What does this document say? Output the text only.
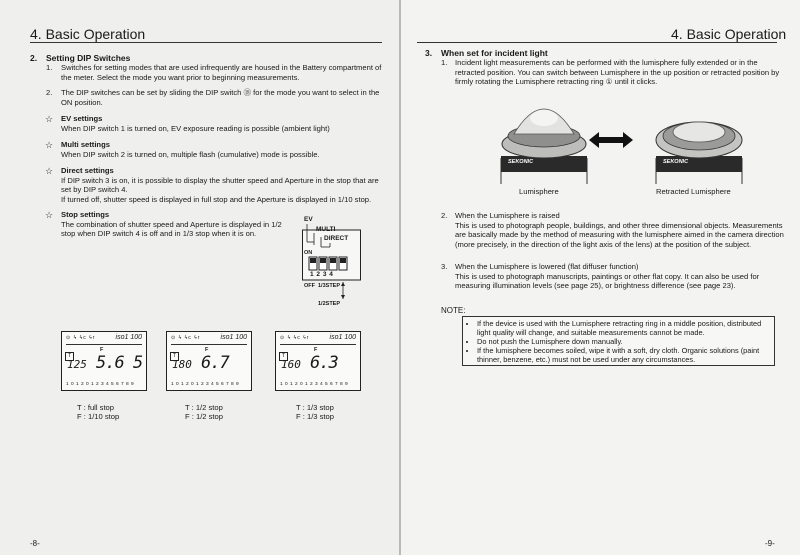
4. Basic Operation
2. Setting DIP Switches
1. Switches for setting modes that are used infrequently are housed in the Battery compartment of the meter. Select the mode you want prior to beginning measurements.
2. The DIP switches can be set by sliding the DIP switch ⑱ for the mode you want to select in the ON position.
☆ EV settings
When DIP switch 1 is turned on, EV exposure reading is possible (ambient light)
☆ Multi settings
When DIP switch 2 is turned on, multiple flash (cumulative) mode is possible.
☆ Direct settings
If DIP switch 3 is on, it is possible to display the shutter speed and Aperture in the stop that are set by DIP switch 4.
If turned off, shutter speed is displayed in full stop and the Aperture is displayed in 1/10 stop.
☆ Stop settings
The combination of shutter speed and Aperture is displayed in 1/2 stop when DIP switch 4 is off and in 1/3 stop when it is on.
EV
MULTI
DIRECT
ON
1 2 3 4
OFF 1/3STEP
1/2STEP
⊙ ϟ ϟc ϟr	iso1 100
T
F
125 5.6 5
1 0 1 2 0 1 2 3 4 5 6 7 8 9
⊙ ϟ ϟc ϟr	iso1 100
T
F
180 6.7
1 0 1 2 0 1 2 3 4 5 6 7 8 9
⊙ ϟ ϟc ϟr	iso1 100
T
F
160 6.3
1 0 1 2 0 1 2 3 4 5 6 7 8 9
T : full stop
F : 1/10 stop
T : 1/2 stop
F : 1/2 stop
T : 1/3 stop
F : 1/3 stop
-8-
4. Basic Operation
3. When set for incident light
1. Incident light measurements can be performed with the lumisphere fully extended or in the retracted position. You can switch between Lumisphere in the up position or retracted position by firmly rotating the Lumisphere retracting ring ① until it clicks.
SEKONIC	SEKONIC
Lumisphere	Retracted Lumisphere
2. When the Lumisphere is raised
This is used to photograph people, buildings, and other three dimensional objects. Measurements are basically made by the method of measuring with the lumisphere aimed in the camera direction (more precisely, in the direction of the light axis of the lens) at the position of the subject.
3. When the Lumisphere is lowered (flat diffuser function)
This is used to photograph manuscripts, paintings or other flat copy. It can also be used for measuring illumination levels (see page 25), or brightness difference (see page 23).
NOTE:
• If the device is used with the Lumisphere retracting ring in a middle position, distributed light quality will change, and suitable measurements cannot be made.
• Do not push the Lumisphere down manually.
• If the lumisphere becomes soiled, wipe it with a soft, dry cloth. Organic solutions (paint thinner, benzene, etc.) must not be used under any circumstances.
-9-
